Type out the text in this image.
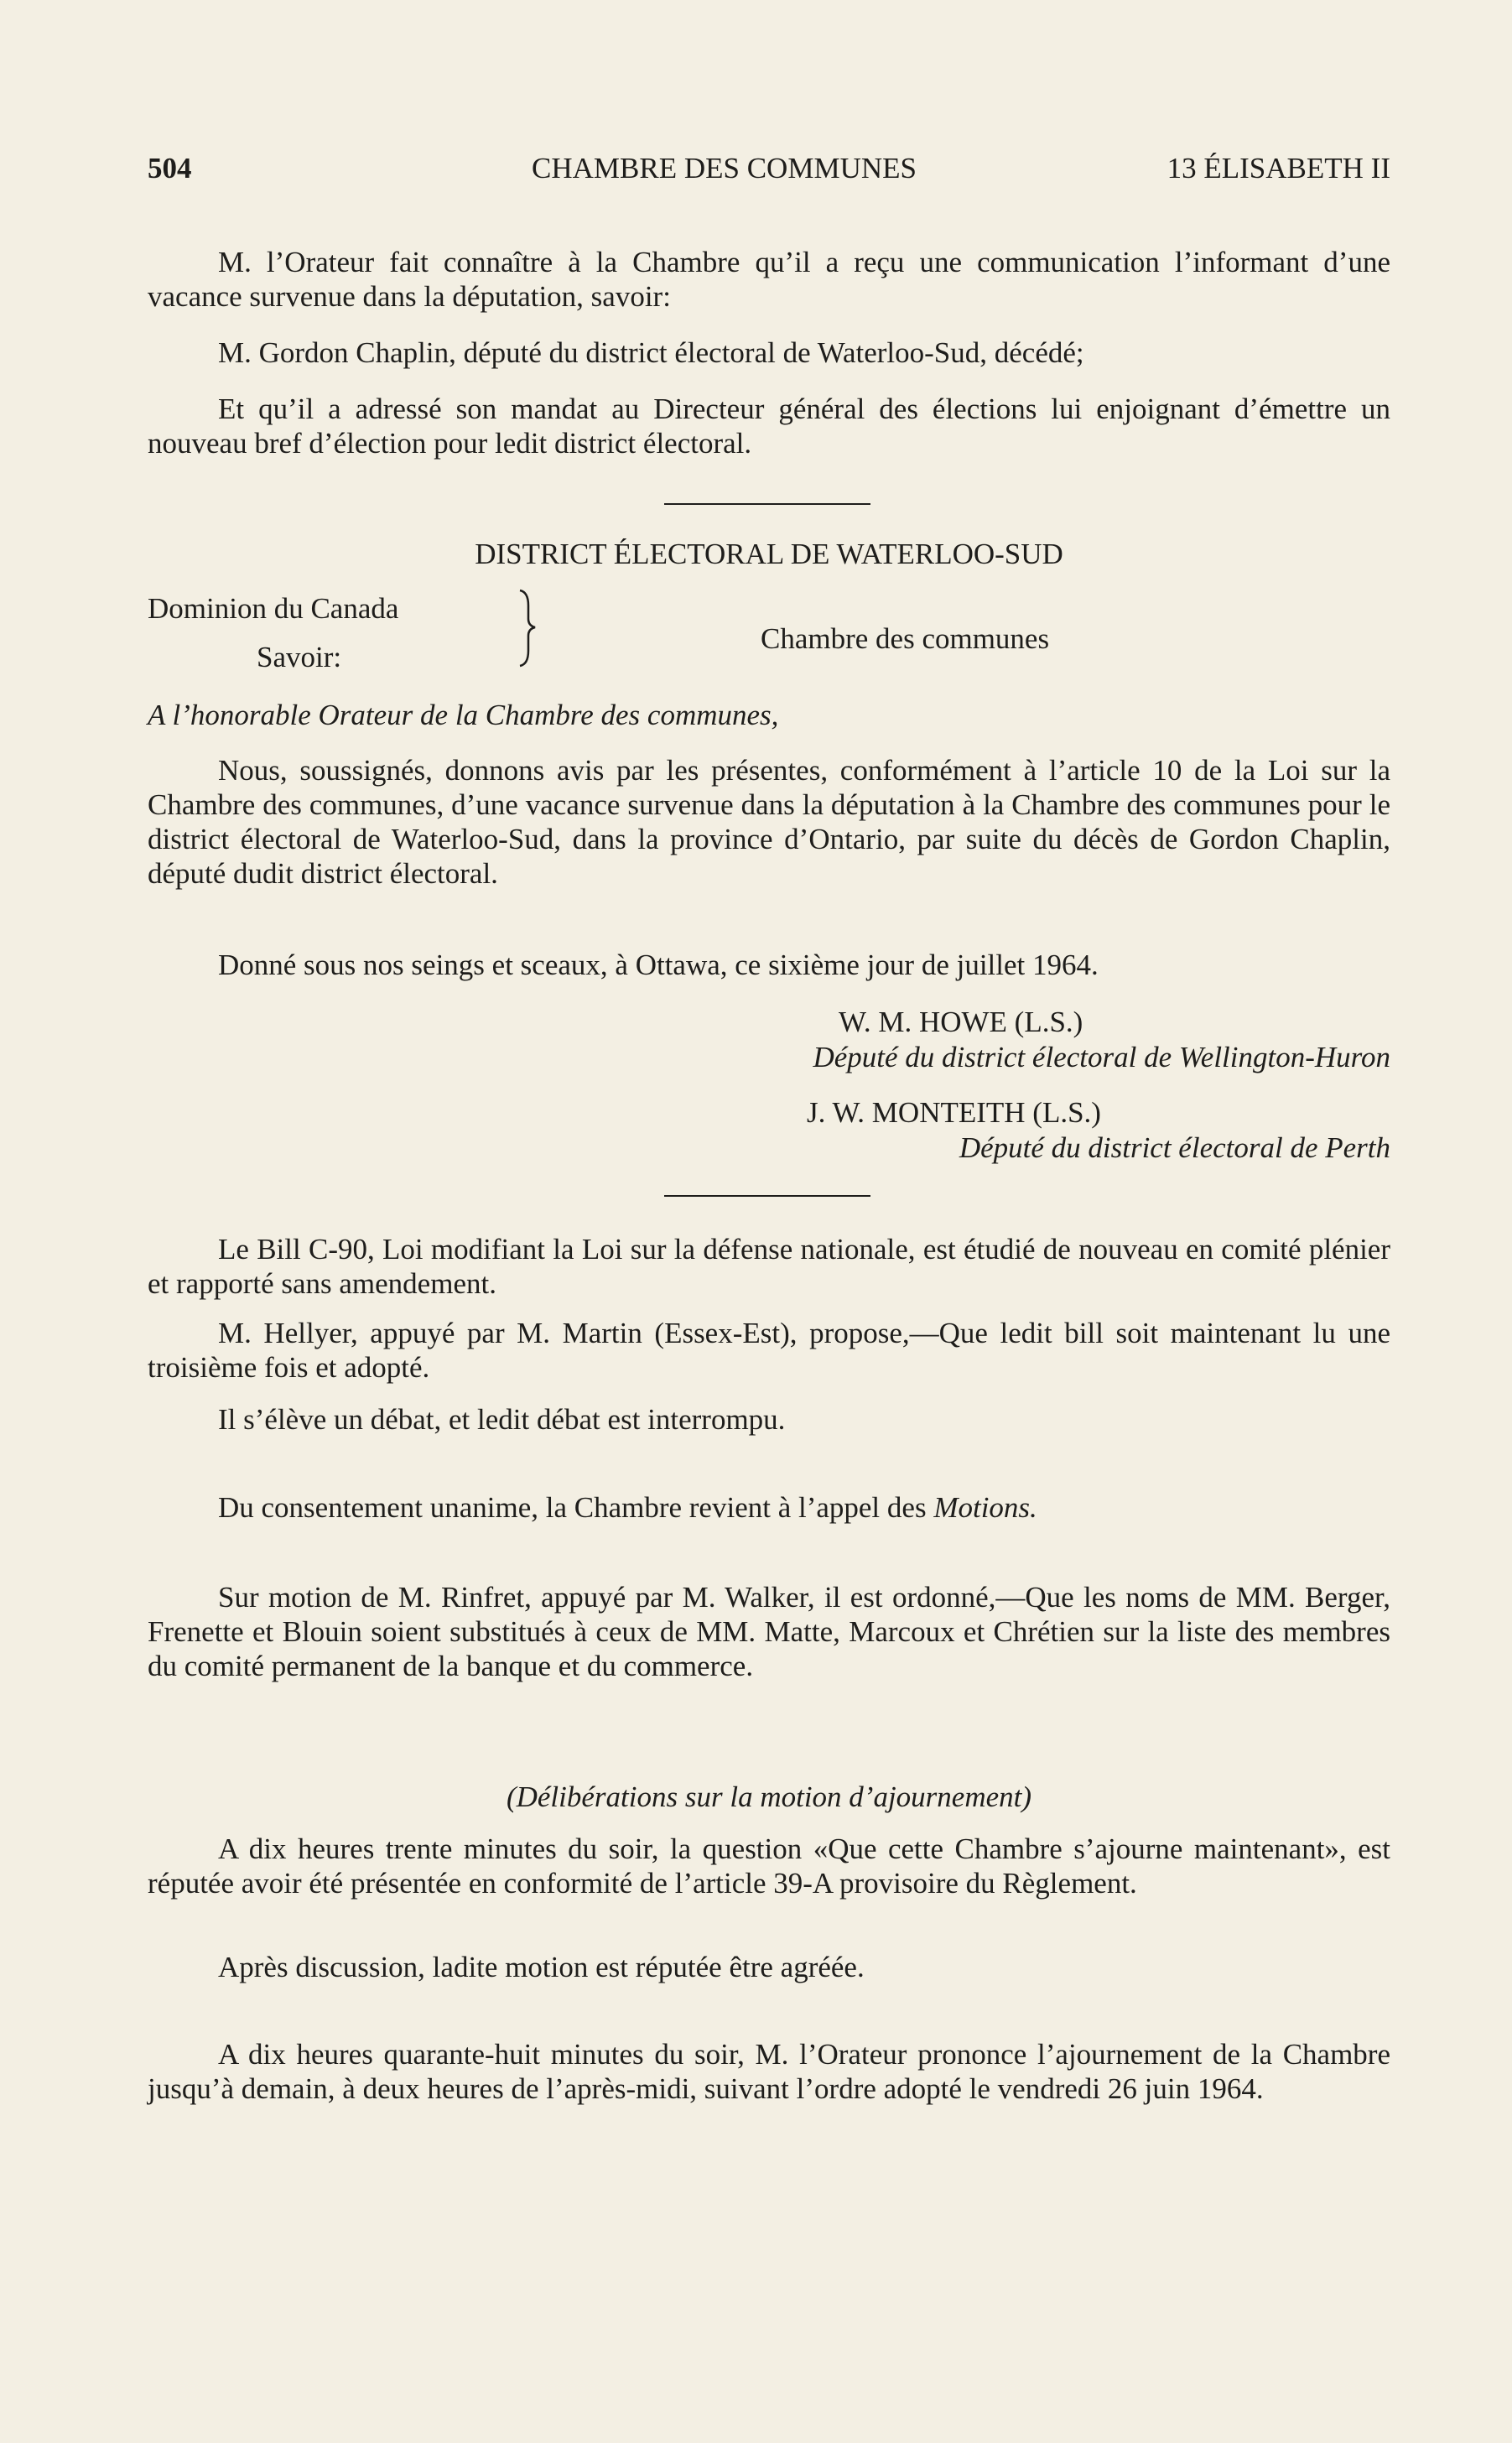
504	CHAMBRE DES COMMUNES	13 ÉLISABETH II

M. l’Orateur fait connaître à la Chambre qu’il a reçu une communication l’informant d’une vacance survenue dans la députation, savoir:

M. Gordon Chaplin, député du district électoral de Waterloo-Sud, décédé;

Et qu’il a adressé son mandat au Directeur général des élections lui enjoignant d’émettre un nouveau bref d’élection pour ledit district électoral.

DISTRICT ÉLECTORAL DE WATERLOO-SUD

Dominion du Canada
Savoir:
Chambre des communes

A l’honorable Orateur de la Chambre des communes,

Nous, soussignés, donnons avis par les présentes, conformément à l’article 10 de la Loi sur la Chambre des communes, d’une vacance survenue dans la députation à la Chambre des communes pour le district électoral de Waterloo-Sud, dans la province d’Ontario, par suite du décès de Gordon Chaplin, député dudit district électoral.

Donné sous nos seings et sceaux, à Ottawa, ce sixième jour de juillet 1964.

W. M. HOWE (L.S.)

Député du district électoral de Wellington-Huron

J. W. MONTEITH (L.S.)

Député du district électoral de Perth

Le Bill C-90, Loi modifiant la Loi sur la défense nationale, est étudié de nouveau en comité plénier et rapporté sans amendement.

M. Hellyer, appuyé par M. Martin (Essex-Est), propose,—Que ledit bill soit maintenant lu une troisième fois et adopté.

Il s’élève un débat, et ledit débat est interrompu.

Du consentement unanime, la Chambre revient à l’appel des Motions.

Sur motion de M. Rinfret, appuyé par M. Walker, il est ordonné,—Que les noms de MM. Berger, Frenette et Blouin soient substitués à ceux de MM. Matte, Marcoux et Chrétien sur la liste des membres du comité permanent de la banque et du commerce.

(Délibérations sur la motion d’ajournement)

A dix heures trente minutes du soir, la question «Que cette Chambre s’ajourne maintenant», est réputée avoir été présentée en conformité de l’article 39-A provisoire du Règlement.

Après discussion, ladite motion est réputée être agréée.

A dix heures quarante-huit minutes du soir, M. l’Orateur prononce l’ajournement de la Chambre jusqu’à demain, à deux heures de l’après-midi, suivant l’ordre adopté le vendredi 26 juin 1964.
